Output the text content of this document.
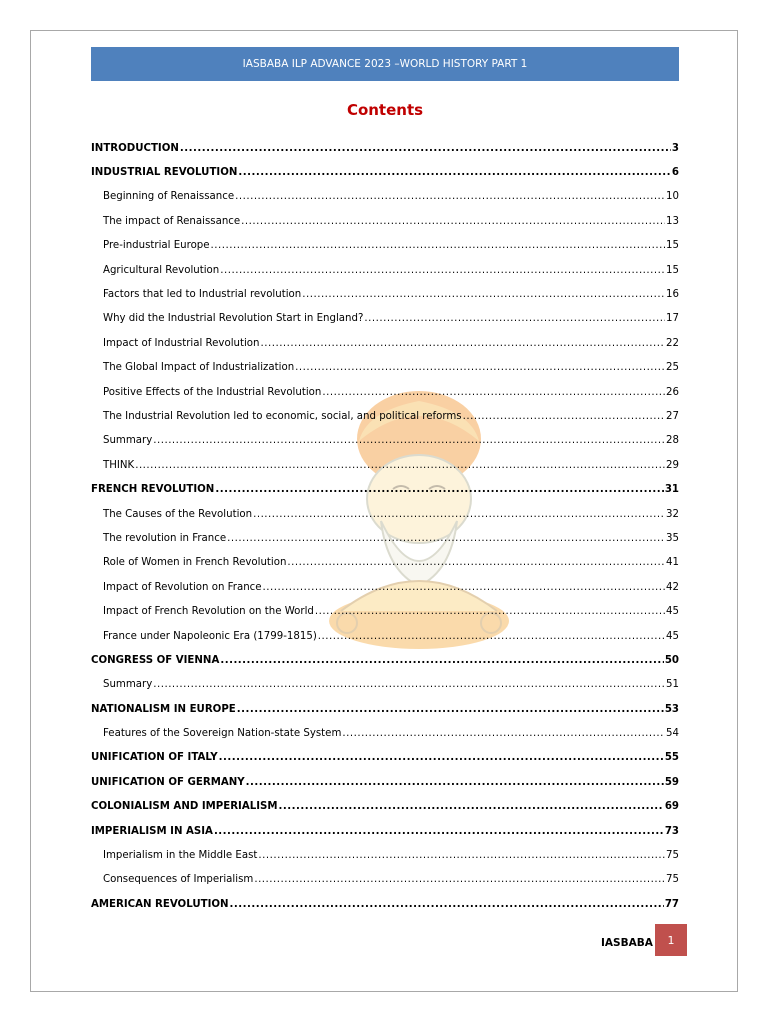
IASBABA ILP ADVANCE 2023 –WORLD HISTORY PART 1
Contents
INTRODUCTION .....	3
INDUSTRIAL REVOLUTION .....	6
Beginning of Renaissance .....	10
The impact of Renaissance .....	13
Pre-industrial Europe .....	15
Agricultural Revolution .....	15
Factors that led to Industrial revolution .....	16
Why did the Industrial Revolution Start in England? .....	17
Impact of Industrial Revolution .....	22
The Global Impact of Industrialization .....	25
Positive Effects of the Industrial Revolution .....	26
The Industrial Revolution led to economic, social, and political reforms .....	27
Summary .....	28
THINK .....	29
FRENCH REVOLUTION .....	31
The Causes of the Revolution .....	32
The revolution in France .....	35
Role of Women in French Revolution .....	41
Impact of Revolution on France .....	42
Impact of French Revolution on the World .....	45
France under Napoleonic Era (1799-1815) .....	45
CONGRESS OF VIENNA .....	50
Summary .....	51
NATIONALISM IN EUROPE .....	53
Features of the Sovereign Nation-state System .....	54
UNIFICATION OF ITALY .....	55
UNIFICATION OF GERMANY .....	59
COLONIALISM AND IMPERIALISM .....	69
IMPERIALISM IN ASIA .....	73
Imperialism in the Middle East .....	75
Consequences of Imperialism .....	75
AMERICAN REVOLUTION .....	77
IASBABA 1
